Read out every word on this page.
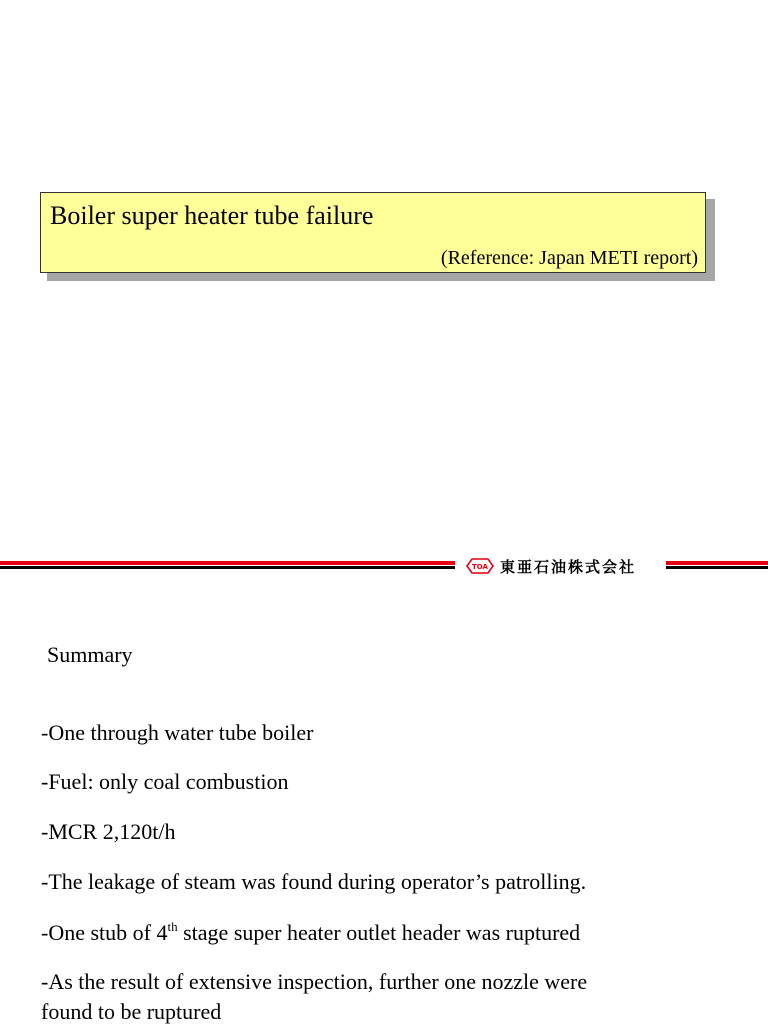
Boiler super heater tube failure
(Reference: Japan METI report)
TOA 東亜石油株式会社
Summary
-One through water tube boiler
-Fuel: only coal combustion
-MCR 2,120t/h
-The leakage of steam was found during operator’s patrolling.
-One stub of 4th stage super heater outlet header was ruptured
-As the result of extensive inspection, further one nozzle were
found to be ruptured
